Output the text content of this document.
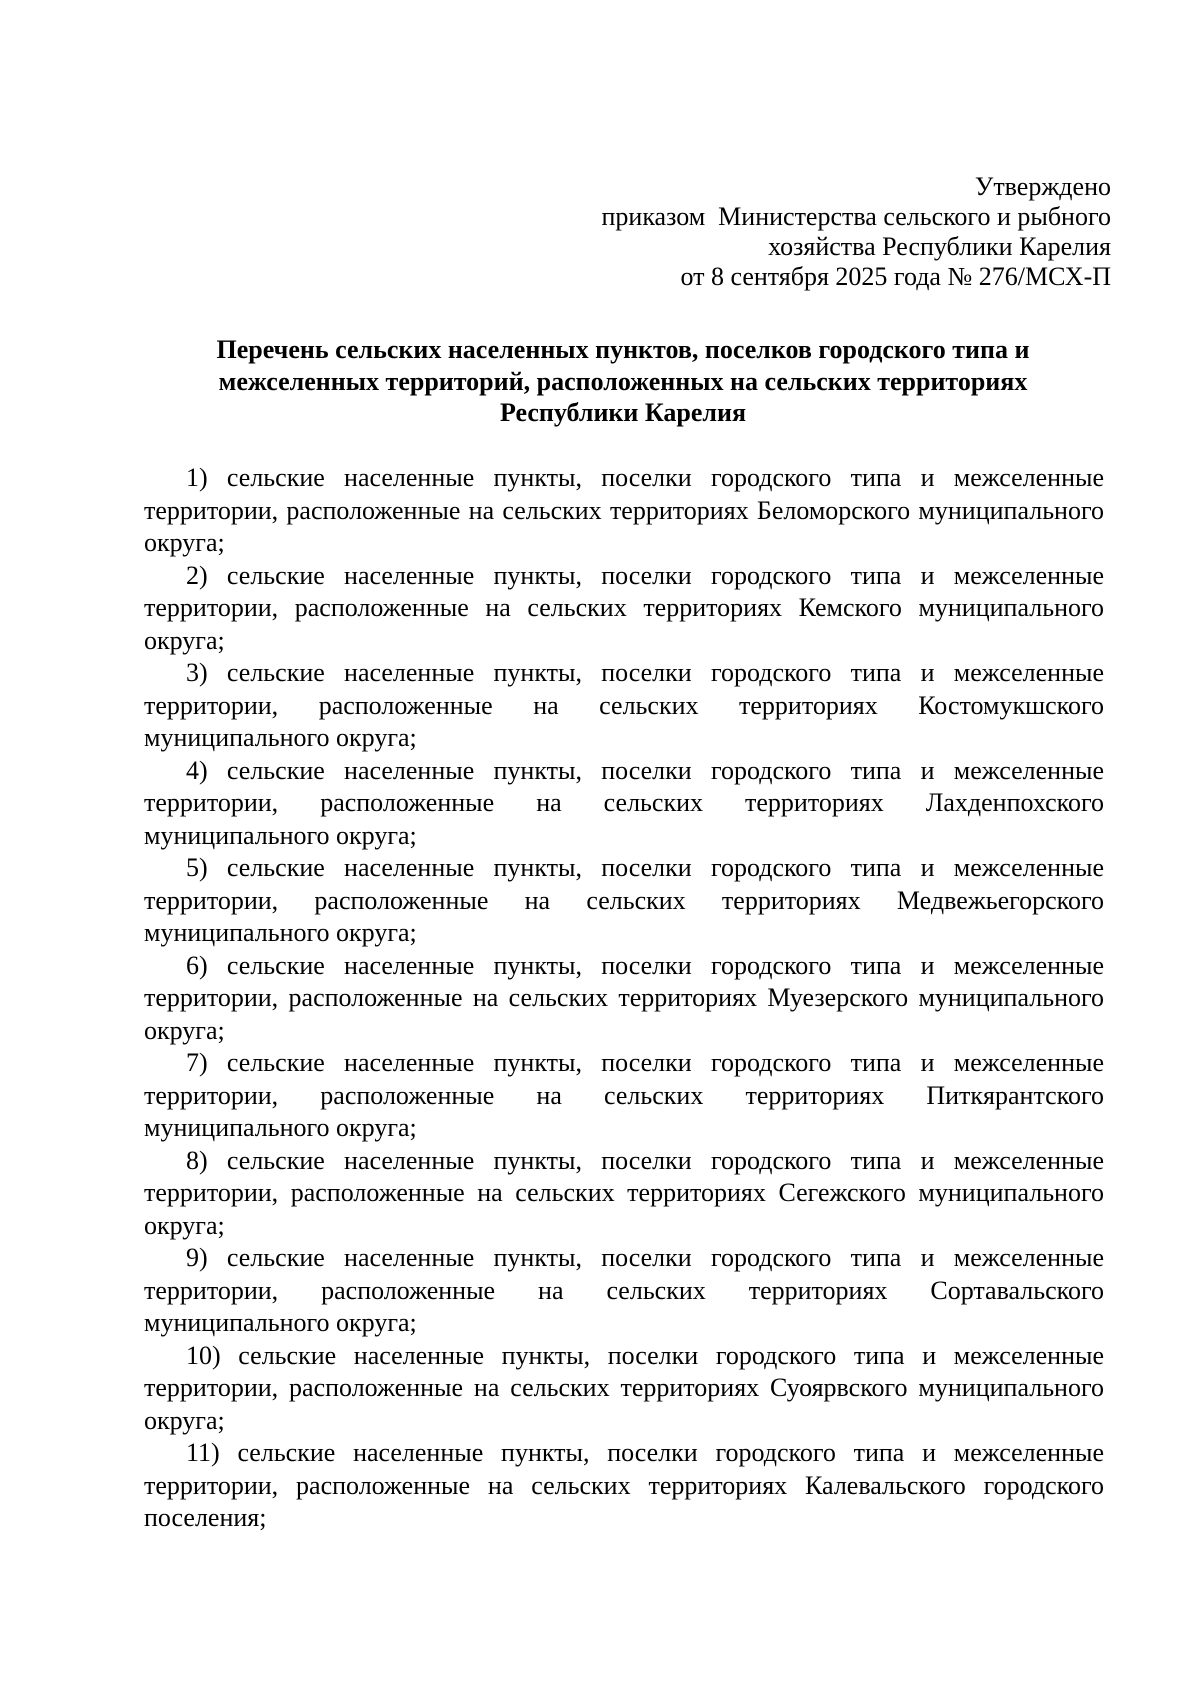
Утверждено
приказом  Министерства сельского и рыбного
хозяйства Республики Карелия
от 8 сентября 2025 года № 276/МСХ-П
Перечень сельских населенных пунктов, поселков городского типа и
межселенных территорий, расположенных на сельских территориях
Республики Карелия

1) сельские населенные пункты, поселки городского типа и межселенные территории, расположенные на сельских территориях Беломорского муниципального округа;

2) сельские населенные пункты, поселки городского типа и межселенные территории, расположенные на сельских территориях Кемского муниципального округа;

3) сельские населенные пункты, поселки городского типа и межселенные территории, расположенные на сельских территориях Костомукшского муниципального округа;

4) сельские населенные пункты, поселки городского типа и межселенные территории, расположенные на сельских территориях Лахденпохского муниципального округа;

5) сельские населенные пункты, поселки городского типа и межселенные территории, расположенные на сельских территориях Медвежьегорского муниципального округа;

6) сельские населенные пункты, поселки городского типа и межселенные территории, расположенные на сельских территориях Муезерского муниципального округа;

7) сельские населенные пункты, поселки городского типа и межселенные территории, расположенные на сельских территориях Питкярантского муниципального округа;

8) сельские населенные пункты, поселки городского типа и межселенные территории, расположенные на сельских территориях Сегежского муниципального округа;

9) сельские населенные пункты, поселки городского типа и межселенные территории, расположенные на сельских территориях Сортавальского муниципального округа;

10) сельские населенные пункты, поселки городского типа и межселенные территории, расположенные на сельских территориях Суоярвского муниципального округа;

11) сельские населенные пункты, поселки городского типа и межселенные территории, расположенные на сельских территориях Калевальского городского поселения;
